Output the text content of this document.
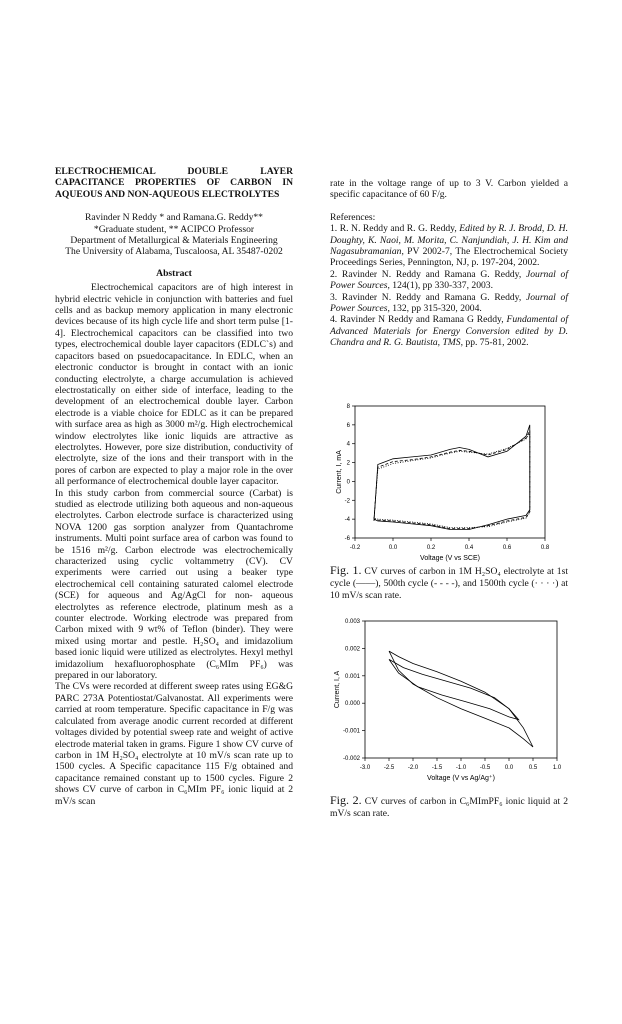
ELECTROCHEMICAL DOUBLE LAYER CAPACITANCE PROPERTIES OF CARBON IN AQUEOUS AND NON-AQUEOUS ELECTROLYTES
Ravinder N Reddy * and Ramana.G. Reddy**
*Graduate student, ** ACIPCO Professor
Department of Metallurgical & Materials Engineering
The University of Alabama, Tuscaloosa, AL 35487-0202
Abstract

Electrochemical capacitors are of high interest in hybrid electric vehicle in conjunction with batteries and fuel cells and as backup memory application in many electronic devices because of its high cycle life and short term pulse [1-4]. Electrochemical capacitors can be classified into two types, electrochemical double layer capacitors (EDLC`s) and capacitors based on psuedocapacitance. In EDLC, when an electronic conductor is brought in contact with an ionic conducting electrolyte, a charge accumulation is achieved electrostatically on either side of interface, leading to the development of an electrochemical double layer. Carbon electrode is a viable choice for EDLC as it can be prepared with surface area as high as 3000 m²/g. High electrochemical window electrolytes like ionic liquids are attractive as electrolytes. However, pore size distribution, conductivity of electrolyte, size of the ions and their transport with in the pores of carbon are expected to play a major role in the over all performance of electrochemical double layer capacitor.

In this study carbon from commercial source (Carbat) is studied as electrode utilizing both aqueous and non-aqueous electrolytes. Carbon electrode surface is characterized using NOVA 1200 gas sorption analyzer from Quantachrome instruments. Multi point surface area of carbon was found to be 1516 m²/g. Carbon electrode was electrochemically characterized using cyclic voltammetry (CV). CV experiments were carried out using a beaker type electrochemical cell containing saturated calomel electrode (SCE) for aqueous and Ag/AgCl for non- aqueous electrolytes as reference electrode, platinum mesh as a counter electrode. Working electrode was prepared from Carbon mixed with 9 wt% of Teflon (binder). They were mixed using mortar and pestle. H₂SO₄ and imidazolium based ionic liquid were utilized as electrolytes. Hexyl methyl imidazolium hexafluorophosphate (C₆MIm PF₆) was prepared in our laboratory.

The CVs were recorded at different sweep rates using EG&G PARC 273A Potentiostat/Galvanostat. All experiments were carried at room temperature. Specific capacitance in F/g was calculated from average anodic current recorded at different voltages divided by potential sweep rate and weight of active electrode material taken in grams. Figure 1 show CV curve of carbon in 1M H₂SO₄ electrolyte at 10 mV/s scan rate up to 1500 cycles. A Specific capacitance 115 F/g obtained and capacitance remained constant up to 1500 cycles. Figure 2 shows CV curve of carbon in C₆MIm PF₆ ionic liquid at 2 mV/s scan

rate in the voltage range of up to 3 V. Carbon yielded a specific capacitance of 60 F/g.

References:

1. R. N. Reddy and R. G. Reddy, Edited by R. J. Brodd, D. H. Doughty, K. Naoi, M. Morita, C. Nanjundiah, J. H. Kim and Nagasubramanian, PV 2002-7, The Electrochemical Society Proceedings Series, Pennington, NJ, p. 197-204, 2002.

2. Ravinder N. Reddy and Ramana G. Reddy, Journal of Power Sources, 124(1), pp 330-337, 2003.

3. Ravinder N. Reddy and Ramana G. Reddy, Journal of Power Sources, 132, pp 315-320, 2004.

4. Ravinder N Reddy and Ramana G Reddy, Fundamental of Advanced Materials for Energy Conversion edited by D. Chandra and R. G. Bautista, TMS, pp. 75-81, 2002.

-0.2	0.0	0.2	0.4	0.6	0.8
-6
-4
-2
0
2
4
6
8
Voltage (V vs SCE)
Current, I, mA
Fig. 1. CV curves of carbon in 1M H₂SO₄ electrolyte at 1st cycle (——), 500th cycle (- - - -), and 1500th cycle (· · · ·) at 10 mV/s scan rate.
-3.0 -2.5 -2.0 -1.5 -1.0 -0.5 0.0	0.5	1.0
-0.002
-0.001
0.000
0.001
0.002
0.003
Voltage (V vs Ag/Ag⁺)
Current, I, A
Fig. 2. CV curves of carbon in C₆MImPF₆ ionic liquid at 2 mV/s scan rate.
